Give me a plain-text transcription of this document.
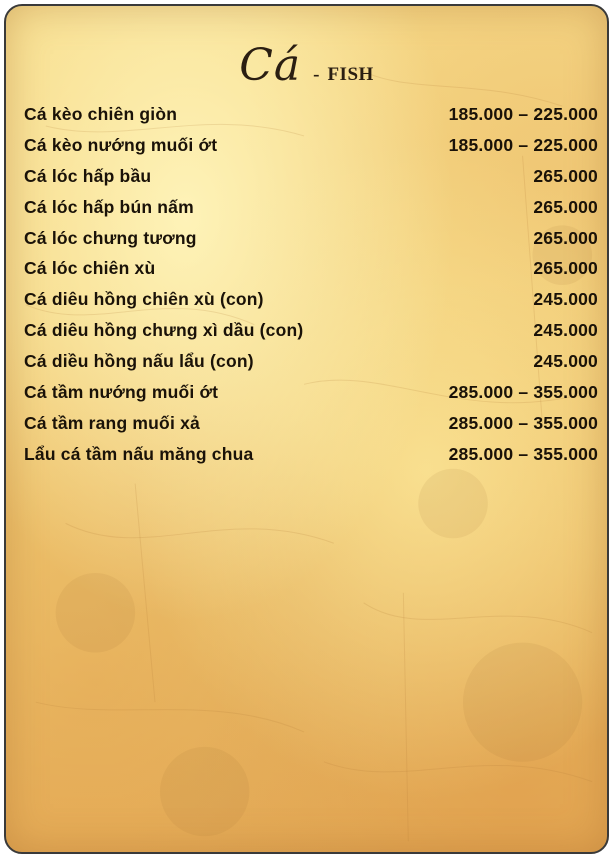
Cá - FISH
Cá kèo chiên giòn	185.000 – 225.000
Cá kèo nướng muối ớt	185.000 – 225.000
Cá lóc hấp bầu	265.000
Cá lóc hấp bún nấm	265.000
Cá lóc chưng tương	265.000
Cá lóc chiên xù	265.000
Cá diêu hồng chiên xù (con)	245.000
Cá diêu hồng chưng xì dầu (con)	245.000
Cá diều hồng nấu lẩu (con)	245.000
Cá tầm nướng muối ớt	285.000 – 355.000
Cá tầm rang muối xả	285.000 – 355.000
Lẩu cá tầm nấu măng chua	285.000 – 355.000
